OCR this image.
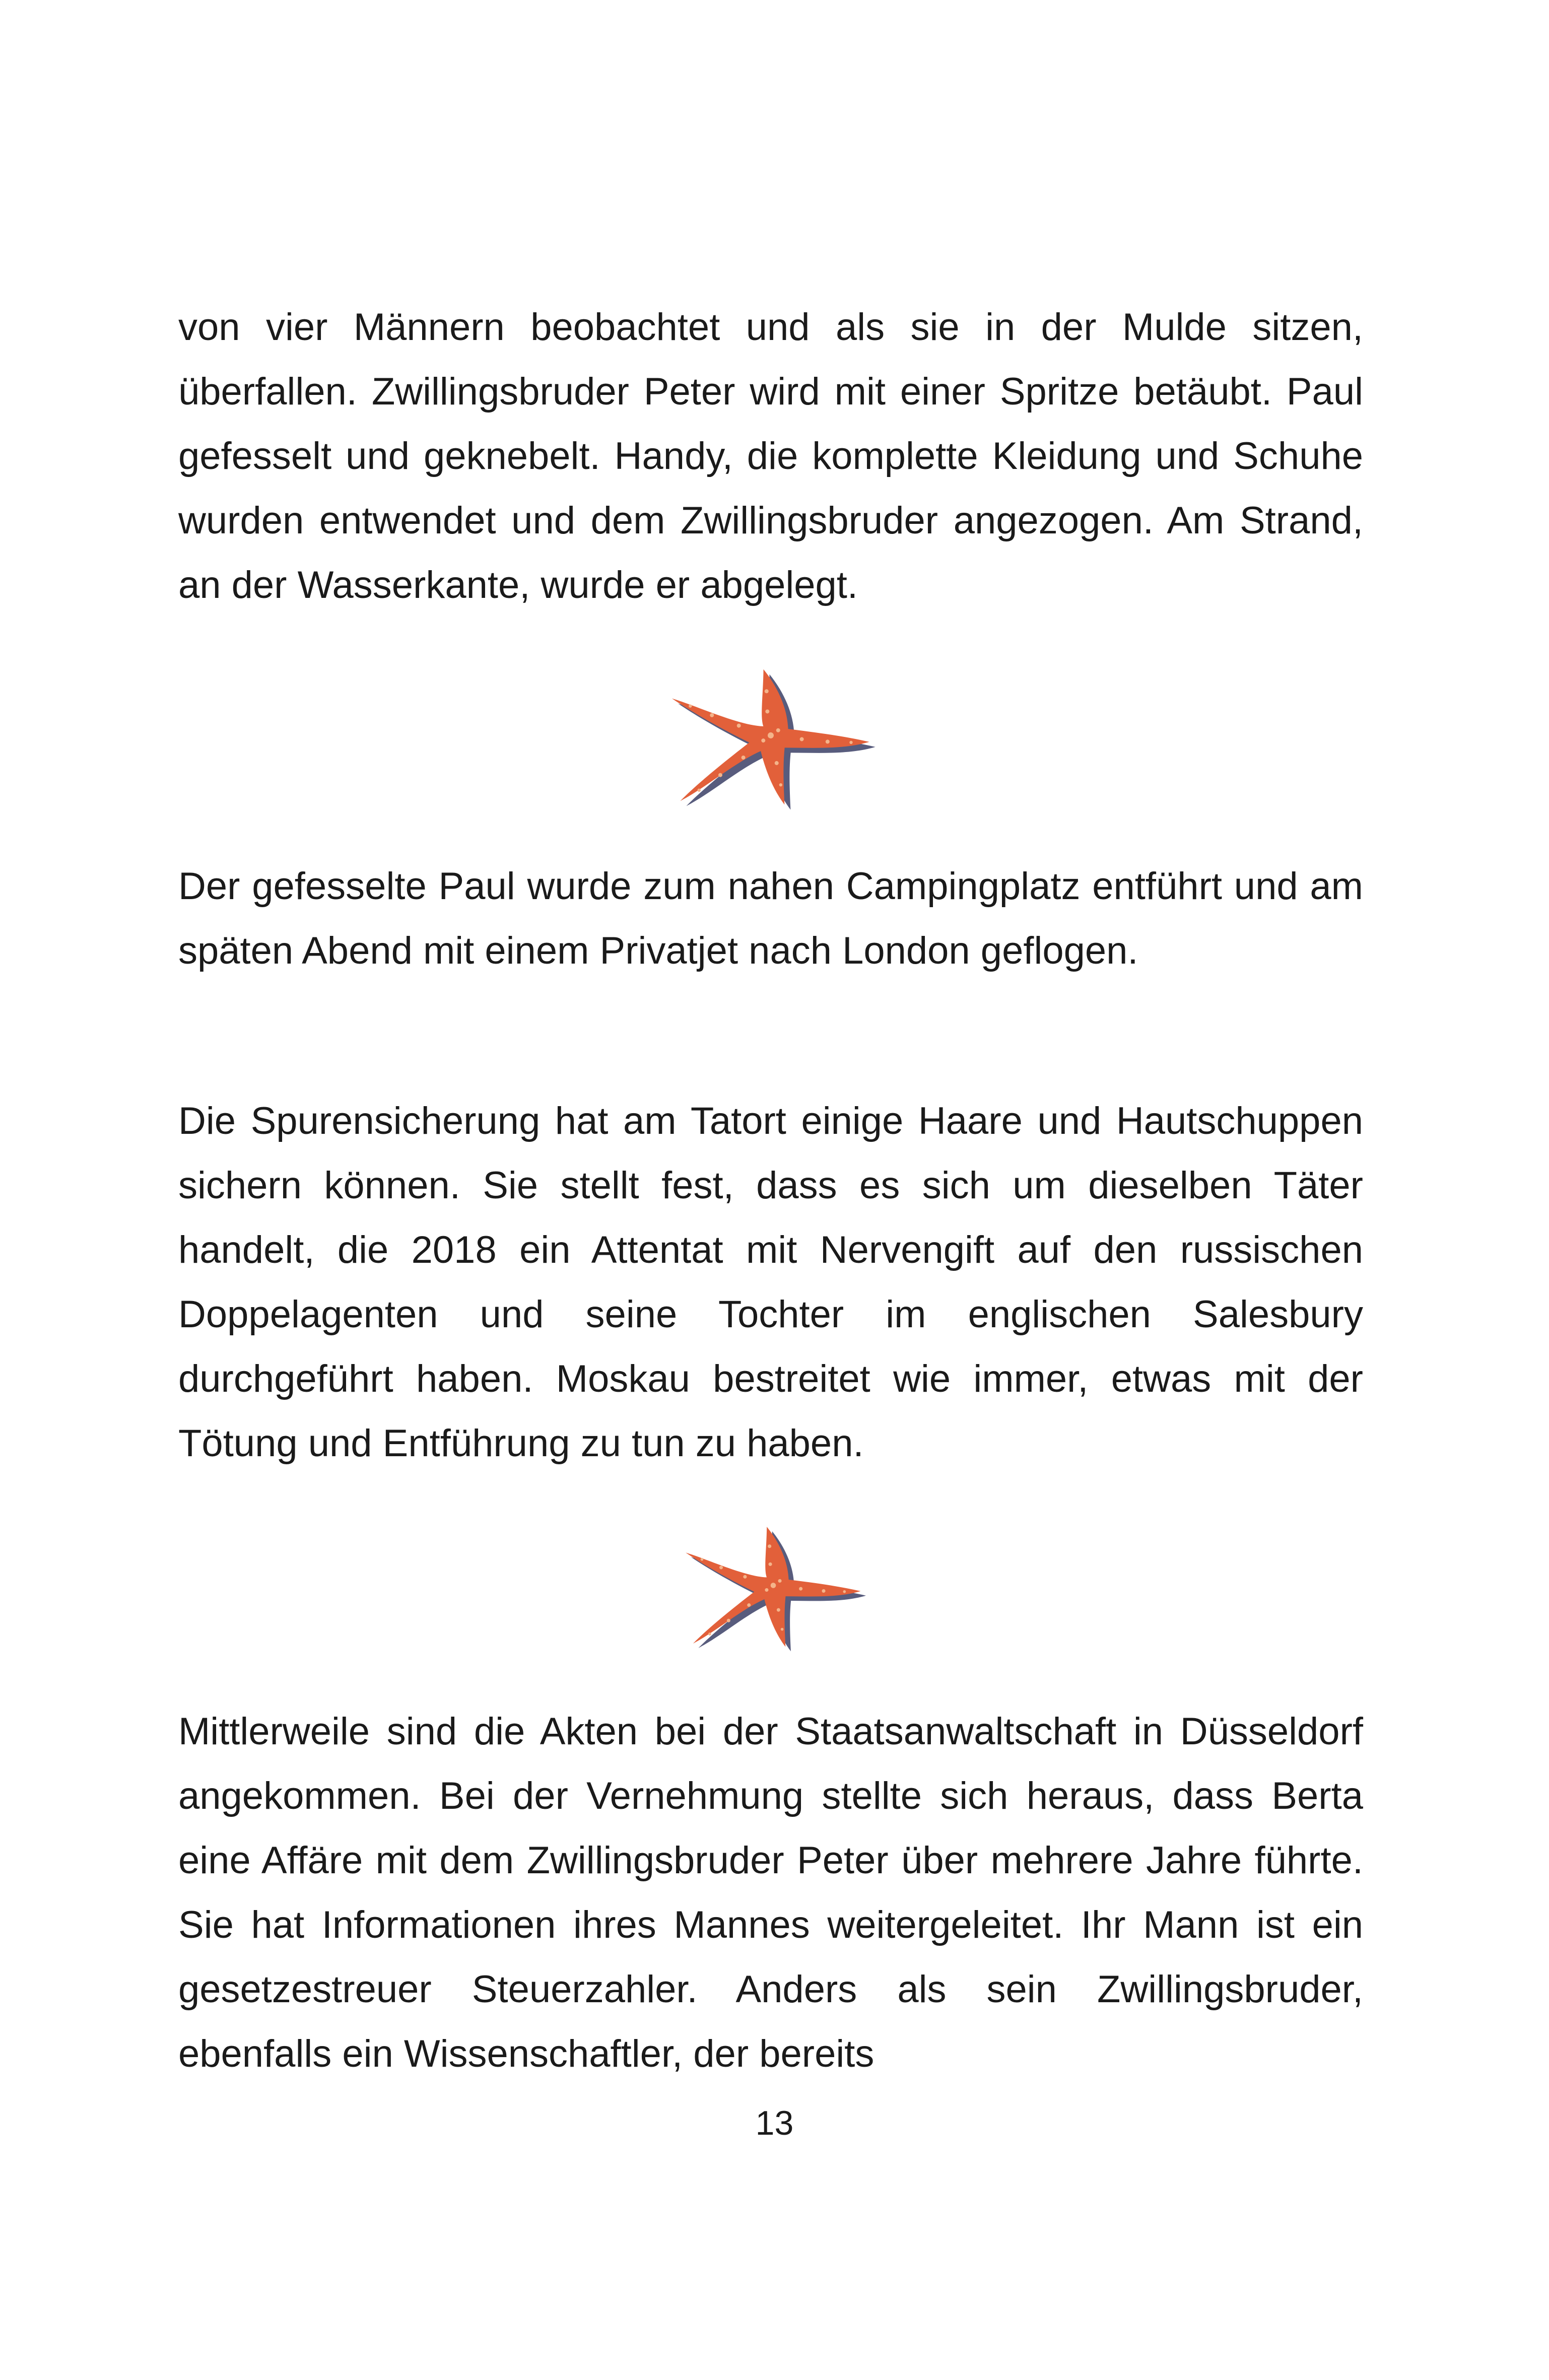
von vier Männern beobachtet und als sie in der Mulde sitzen, überfallen. Zwillingsbruder Peter wird mit einer Spritze betäubt. Paul gefesselt und geknebelt. Handy, die komplette Kleidung und Schuhe wurden entwendet und dem Zwillingsbruder angezogen. Am Strand, an der Wasserkante, wurde er abgelegt.

Der gefesselte Paul wurde zum nahen Campingplatz entführt und am späten Abend mit einem Privatjet nach London geflogen.

Die Spurensicherung hat am Tatort einige Haare und Hautschuppen sichern können. Sie stellt fest, dass es sich um dieselben Täter handelt, die 2018 ein Attentat mit Nervengift auf den russischen Doppelagenten und seine Tochter im englischen Salesbury durchgeführt haben. Moskau bestreitet wie immer, etwas mit der Tötung und Entführung zu tun zu haben.

Mittlerweile sind die Akten bei der Staatsanwaltschaft in Düsseldorf angekommen. Bei der Vernehmung stellte sich heraus, dass Berta eine Affäre mit dem Zwillingsbruder Peter über mehrere Jahre führte. Sie hat Informationen ihres Mannes weitergeleitet. Ihr Mann ist ein gesetzestreuer Steuerzahler. Anders als sein Zwillingsbruder, ebenfalls ein Wissenschaftler, der bereits

13
